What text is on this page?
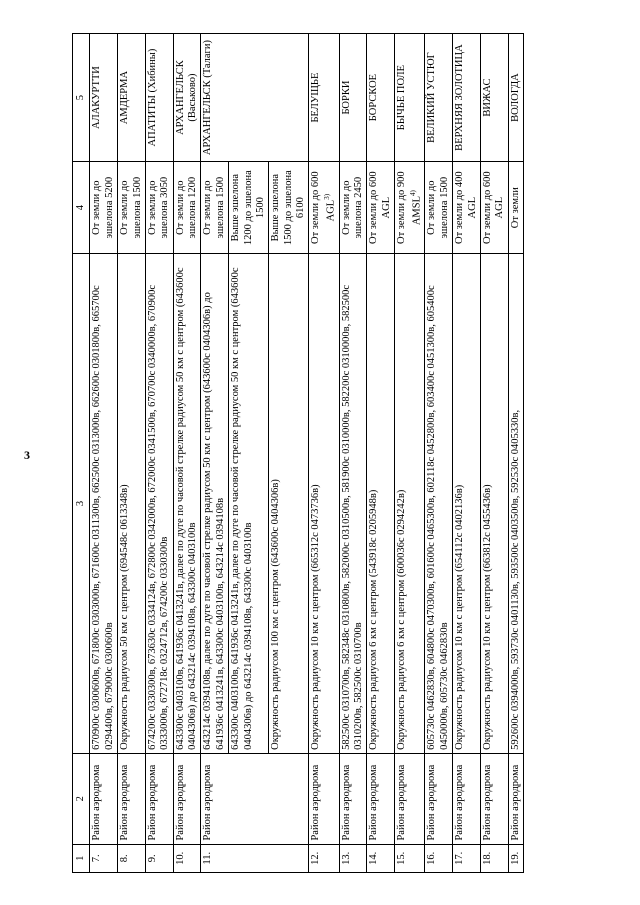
3
1	2	3	4	5
7.	Район аэродрома	670900с 0300600в, 671800с 0303000в, 671600с 0311300в, 662500с 0313000в, 662600с 0301800в, 665700с 0294400в, 679000с 0300600в	От земли до эшелона 5200	АЛАКУРТТИ
8.	Район аэродрома	Окружность радиусом 50 км с центром (694548с 0613348в)	От земли до эшелона 1500	АМДЕРМА
9.	Район аэродрома	674200с 0330300в, 673630с 0334124в, 672800с 0342000в, 672000с 0341500в, 670700с 0340000в, 670900с 0333000в, 672718с 0324712в, 674200с 0330300в	От земли до эшелона 3050	АПАТИТЫ (Хибины)
10.	Район аэродрома	643300с 0403100в, 641936с 0413241в, далее по дуге по часовой стрелке радиусом 50 км с центром (643600с 0404306в) до 643214с 0394108в, 643300с 0403100в	От земли до эшелона 1200	АРХАНГЕЛЬСК (Васьково)
11.	Район аэродрома	643214с 0394108в, далее по дуге по часовой стрелке радиусом 50 км с центром (643600с 0404306в) до 641936с 0413241в, 643300с 0403100в, 643214с 0394108в	От земли до эшелона 1500	АРХАНГЕЛЬСК (Талаги)
		643300с 0403100в, 641936с 0413241в, далее по дуге по часовой стрелке радиусом 50 км с центром (643600с 0404306в) до 643214с 0394108в, 643300с 0403100в	Выше эшелона 1200 до эшелона 1500	
		Окружность радиусом 100 км с центром (643600с 0404306в)	Выше эшелона 1500 до эшелона 6100	
12.	Район аэродрома	Окружность радиусом 10 км с центром (665312с 0473736в)	От земли до 600 AGL$^{3)}$	БЕЛУЩЬЕ
13.	Район аэродрома	582500с 0310700в, 582348с 0310800в, 582000с 0310500в, 581900с 0310000в, 582200с 0310000в, 582500с 0310200в, 582500с 0310700в	От земли до эшелона 2450	БОРКИ
14.	Район аэродрома	Окружность радиусом 6 км с центром (543918с 0205948в)	От земли до 600 AGL	БОРСКОЕ
15.	Район аэродрома	Окружность радиусом 6 км с центром (600036с 0294242в)	От земли до 900 AMSL$^{4)}$	БЫЧЬЕ ПОЛЕ
16.	Район аэродрома	605730с 0462830в, 604800с 0470300в, 601600с 0465300в, 602118с 0452800в, 603400с 0451300в, 605400с 0450000в, 605730с 0462830в	От земли до эшелона 1500	ВЕЛИКИЙ УСТЮГ
17.	Район аэродрома	Окружность радиусом 10 км с центром (654112с 0402136в)	От земли до 400 AGL	ВЕРХНЯЯ ЗОЛОТИЦА
18.	Район аэродрома	Окружность радиусом 10 км с центром (663812с 0455436в)	От земли до 600 AGL	ВИЖАС
19.	Район аэродрома	592600с 0394000в, 593730с 0401130в, 593500с 0403500в, 592530с 0405330в,	От земли	ВОЛОГДА
